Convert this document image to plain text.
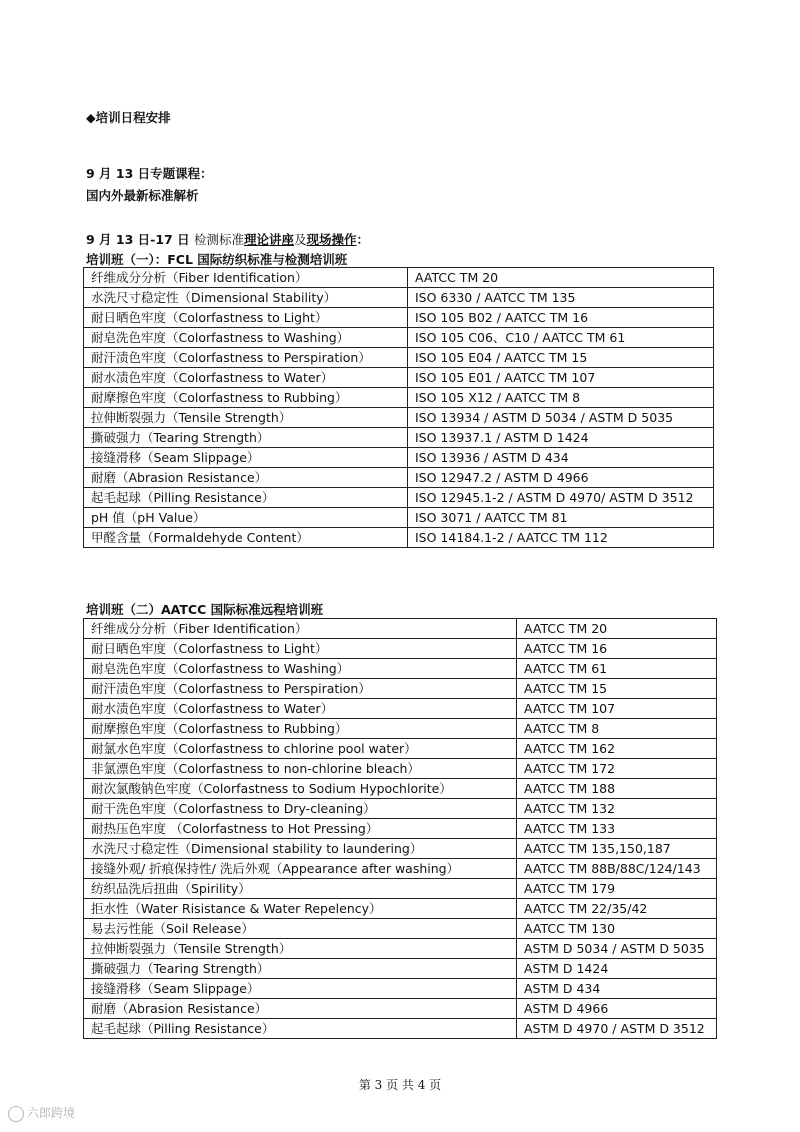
◆培训日程安排
9 月 13 日专题课程：
国内外最新标准解析
9 月 13 日-17 日 检测标准理论讲座及现场操作：
培训班（一）：FCL 国际纺织标准与检测培训班
纤维成分分析（Fiber Identification）	AATCC TM 20
水洗尺寸稳定性（Dimensional Stability）	ISO 6330 / AATCC TM 135
耐日晒色牢度（Colorfastness to Light）	ISO 105 B02 / AATCC TM 16
耐皂洗色牢度（Colorfastness to Washing）	ISO 105 C06、C10 / AATCC TM 61
耐汗渍色牢度（Colorfastness to Perspiration）	ISO 105 E04 / AATCC TM 15
耐水渍色牢度（Colorfastness to Water）	ISO 105 E01 / AATCC TM 107
耐摩擦色牢度（Colorfastness to Rubbing）	ISO 105 X12 / AATCC TM 8
拉伸断裂强力（Tensile Strength）	ISO 13934 / ASTM D 5034 / ASTM D 5035
撕破强力（Tearing Strength）	ISO 13937.1 / ASTM D 1424
接缝滑移（Seam Slippage）	ISO 13936 / ASTM D 434
耐磨（Abrasion Resistance）	ISO 12947.2 / ASTM D 4966
起毛起球（Pilling Resistance）	ISO 12945.1-2 / ASTM D 4970/ ASTM D 3512
pH 值（pH Value）	ISO 3071 / AATCC TM 81
甲醛含量（Formaldehyde Content）	ISO 14184.1-2 / AATCC TM 112
培训班（二）AATCC 国际标准远程培训班
纤维成分分析（Fiber Identification）	AATCC TM 20
耐日晒色牢度（Colorfastness to Light）	AATCC TM 16
耐皂洗色牢度（Colorfastness to Washing）	AATCC TM 61
耐汗渍色牢度（Colorfastness to Perspiration）	AATCC TM 15
耐水渍色牢度（Colorfastness to Water）	AATCC TM 107
耐摩擦色牢度（Colorfastness to Rubbing）	AATCC TM 8
耐氯水色牢度（Colorfastness to chlorine pool water）	AATCC TM 162
非氯漂色牢度（Colorfastness to non-chlorine bleach）	AATCC TM 172
耐次氯酸钠色牢度（Colorfastness to Sodium Hypochlorite）	AATCC TM 188
耐干洗色牢度（Colorfastness to Dry-cleaning）	AATCC TM 132
耐热压色牢度 （Colorfastness to Hot Pressing）	AATCC TM 133
水洗尺寸稳定性（Dimensional stability to laundering）	AATCC TM 135,150,187
接缝外观/ 折痕保持性/ 洗后外观（Appearance after washing）	AATCC TM 88B/88C/124/143
纺织品洗后扭曲（Spirility）	AATCC TM 179
拒水性（Water Risistance & Water Repelency）	AATCC TM 22/35/42
易去污性能（Soil Release）	AATCC TM 130
拉伸断裂强力（Tensile Strength）	ASTM D 5034 / ASTM D 5035
撕破强力（Tearing Strength）	ASTM D 1424
接缝滑移（Seam Slippage）	ASTM D 434
耐磨（Abrasion Resistance）	ASTM D 4966
起毛起球（Pilling Resistance）	ASTM D 4970 / ASTM D 3512
第 3 页 共 4 页
六郎跨境
